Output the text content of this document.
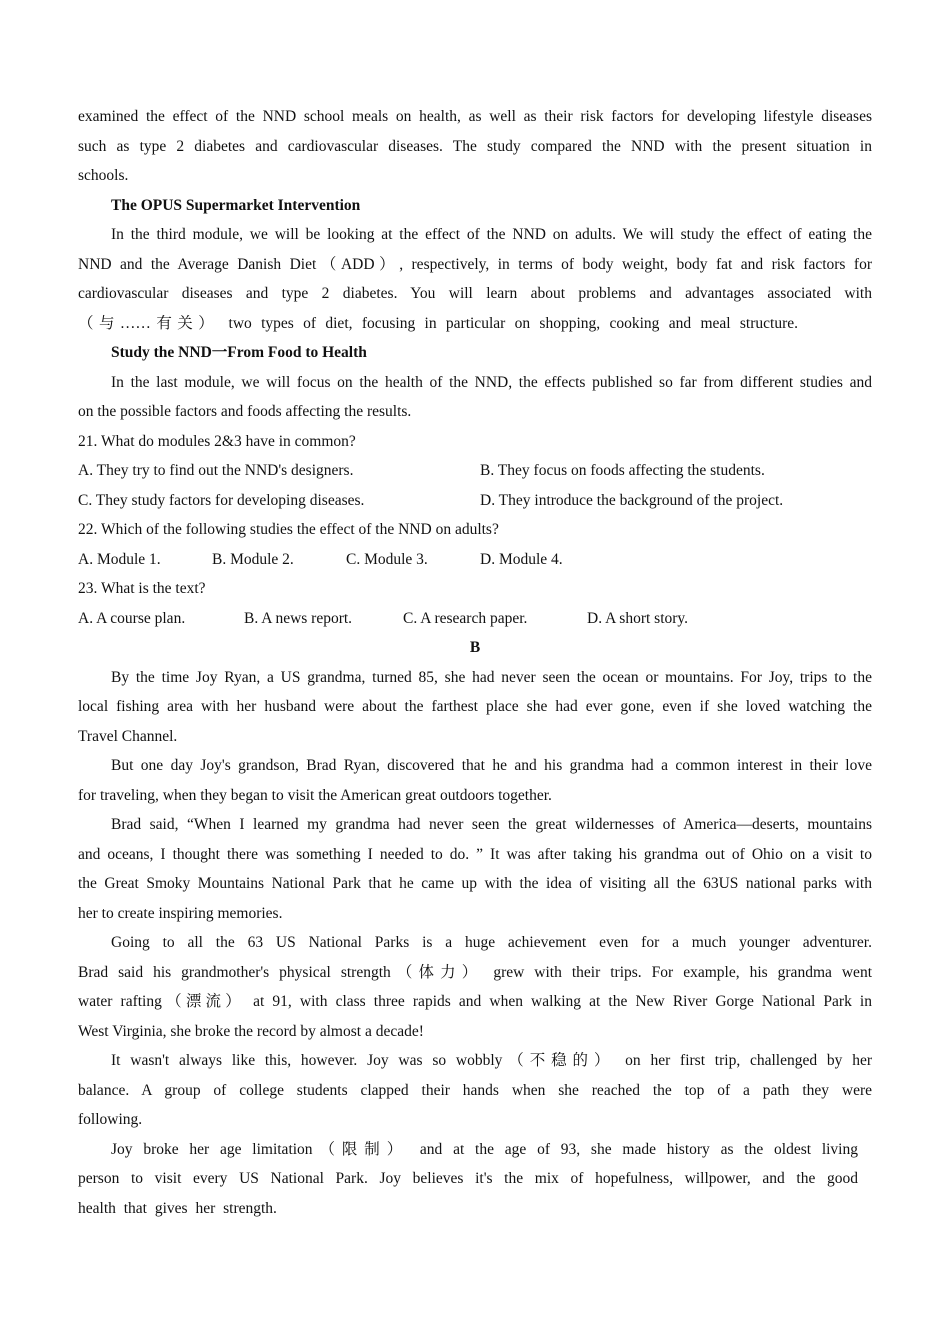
examined the effect of the NND school meals on health, as well as their risk factors for developing lifestyle diseases
such as type 2 diabetes and cardiovascular diseases. The study compared the NND with the present situation in
schools.
The OPUS Supermarket Intervention
In the third module, we will be looking at the effect of the NND on adults. We will study the effect of eating the
NND and the Average Danish Diet（ADD）, respectively, in terms of body weight, body fat and risk factors for
cardiovascular diseases and type 2 diabetes. You will learn about problems and advantages associated with
（与……有关） two types of diet, focusing in particular on shopping, cooking and meal structure.
Study the NND一From Food to Health
In the last module, we will focus on the health of the NND, the effects published so far from different studies and
on the possible factors and foods affecting the results.
21. What do modules 2&3 have in common?
A. They try to find out the NND's designers.	B. They focus on foods affecting the students.
C. They study factors for developing diseases.	D. They introduce the background of the project.
22. Which of the following studies the effect of the NND on adults?
A. Module 1.	B. Module 2.	C. Module 3.	D. Module 4.
23. What is the text?
A. A course plan.	B. A news report.	C. A research paper.	D. A short story.
B
By the time Joy Ryan, a US grandma, turned 85, she had never seen the ocean or mountains. For Joy, trips to the
local fishing area with her husband were about the farthest place she had ever gone, even if she loved watching the
Travel Channel.
But one day Joy's grandson, Brad Ryan, discovered that he and his grandma had a common interest in their love
for traveling, when they began to visit the American great outdoors together.
Brad said, “When I learned my grandma had never seen the great wildernesses of America—deserts, mountains
and oceans, I thought there was something I needed to do. ” It was after taking his grandma out of Ohio on a visit to
the Great Smoky Mountains National Park that he came up with the idea of visiting all the 63US national parks with
her to create inspiring memories.
Going to all the 63 US National Parks is a huge achievement even for a much younger adventurer.
Brad said his grandmother's physical strength（体力） grew with their trips. For example, his grandma went
water rafting（漂流） at 91, with class three rapids and when walking at the New River Gorge National Park in
West Virginia, she broke the record by almost a decade!
It wasn't always like this, however. Joy was so wobbly（不稳的） on her first trip, challenged by her
balance. A group of college students clapped their hands when she reached the top of a path they were
following.
Joy broke her age limitation（限制） and at the age of 93, she made history as the oldest living
person to visit every US National Park. Joy believes it's the mix of hopefulness, willpower, and the good
health that gives her strength.
